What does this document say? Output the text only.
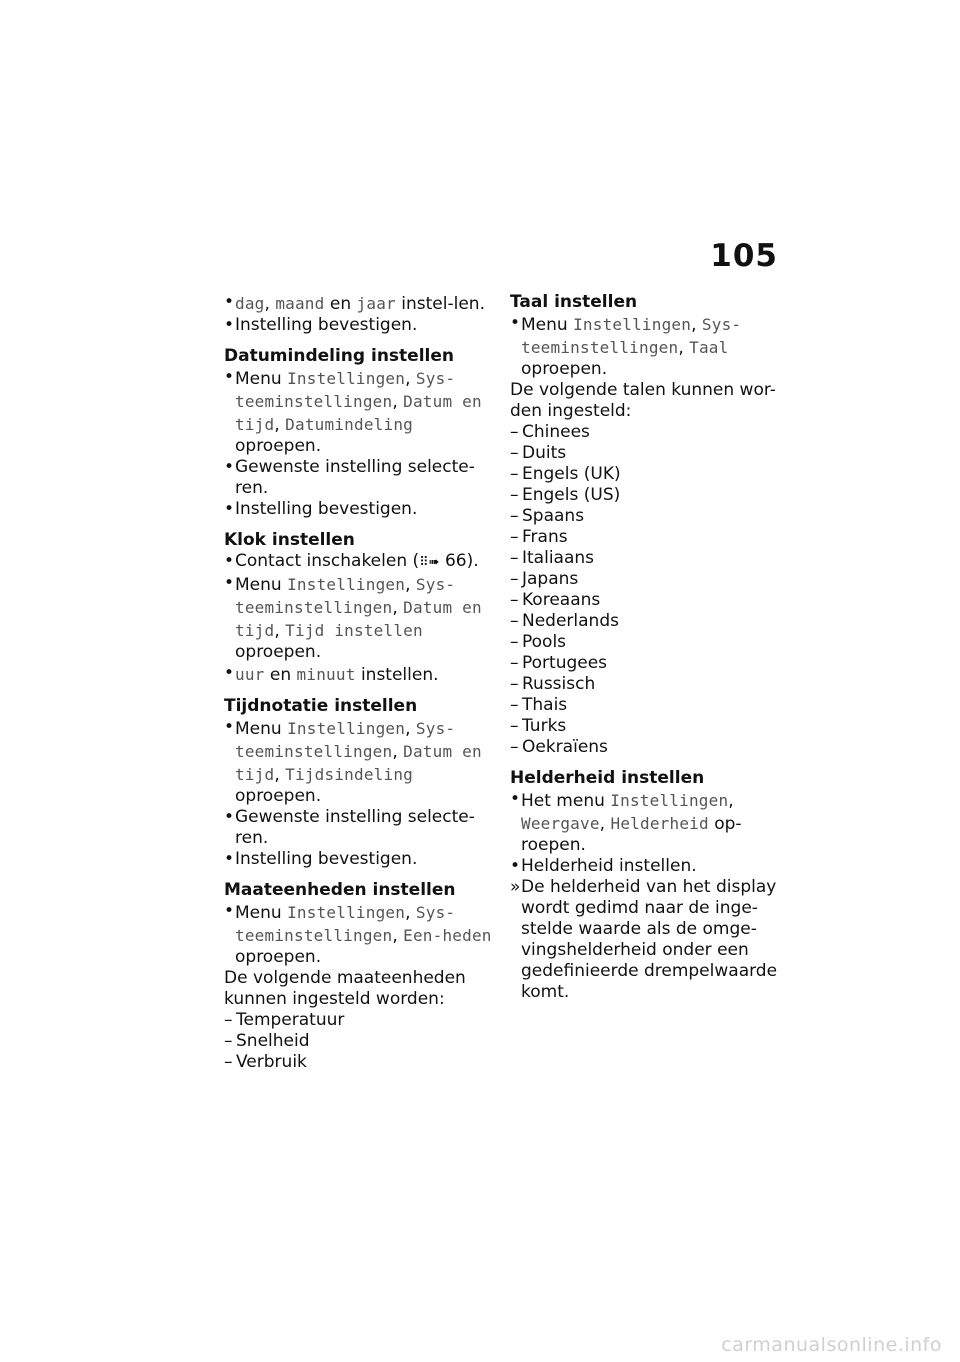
105
• dag, maand en jaar instel-len.
• Instelling bevestigen.
Datumindeling instellen
• Menu Instellingen, Sys-teeminstellingen, Datum en tijd, Datumindeling oproepen.
• Gewenste instelling selecte-ren.
• Instelling bevestigen.
Klok instellen
• Contact inschakelen (⠿➠ 66).
• Menu Instellingen, Sys-teeminstellingen, Datum en tijd, Tijd instellen oproepen.
• uur en minuut instellen.
Tijdnotatie instellen
• Menu Instellingen, Sys-teeminstellingen, Datum en tijd, Tijdsindeling oproepen.
• Gewenste instelling selecte-ren.
• Instelling bevestigen.
Maateenheden instellen
• Menu Instellingen, Sys-teeminstellingen, Een-heden oproepen.

De volgende maateenheden kunnen ingesteld worden:

– Temperatuur
– Snelheid
– Verbruik
Taal instellen
• Menu Instellingen, Sys-teeminstellingen, Taal oproepen.

De volgende talen kunnen wor-den ingesteld:

– Chinees
– Duits
– Engels (UK)
– Engels (US)
– Spaans
– Frans
– Italiaans
– Japans
– Koreaans
– Nederlands
– Pools
– Portugees
– Russisch
– Thais
– Turks
– Oekraïens
Helderheid instellen
• Het menu Instellingen, Weergave, Helderheid op-roepen.
• Helderheid instellen.
» De helderheid van het display wordt gedimd naar de inge-stelde waarde als de omge-vingshelderheid onder een gedefinieerde drempelwaarde komt.
carmanualsonline.info
